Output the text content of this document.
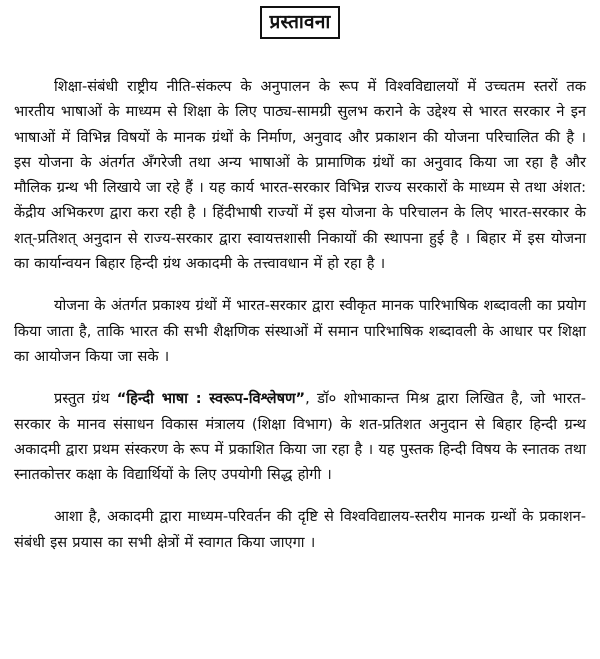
प्रस्तावना

शिक्षा-संबंधी राष्ट्रीय नीति-संकल्प के अनुपालन के रूप में विश्वविद्यालयों में उच्चतम स्तरों तक भारतीय भाषाओं के माध्यम से शिक्षा के लिए पाठ्य-सामग्री सुलभ कराने के उद्देश्य से भारत सरकार ने इन भाषाओं में विभिन्न विषयों के मानक ग्रंथों के निर्माण, अनुवाद और प्रकाशन की योजना परिचालित की है । इस योजना के अंतर्गत अँगरेजी तथा अन्य भाषाओं के प्रामाणिक ग्रंथों का अनुवाद किया जा रहा है और मौलिक ग्रन्थ भी लिखाये जा रहे हैं । यह कार्य भारत-सरकार विभिन्न राज्य सरकारों के माध्यम से तथा अंशत: केंद्रीय अभिकरण द्वारा करा रही है । हिंदीभाषी राज्यों में इस योजना के परिचालन के लिए भारत-सरकार के शत्-प्रतिशत् अनुदान से राज्य-सरकार द्वारा स्वायत्तशासी निकायों की स्थापना हुई है । बिहार में इस योजना का कार्यान्वयन बिहार हिन्दी ग्रंथ अकादमी के तत्त्वावधान में हो रहा है ।

योजना के अंतर्गत प्रकाश्य ग्रंथों में भारत-सरकार द्वारा स्वीकृत मानक पारिभाषिक शब्दावली का प्रयोग किया जाता है, ताकि भारत की सभी शैक्षणिक संस्थाओं में समान पारिभाषिक शब्दावली के आधार पर शिक्षा का आयोजन किया जा सके ।

प्रस्तुत ग्रंथ “हिन्दी भाषा : स्वरूप-विश्लेषण”, डॉ० शोभाकान्त मिश्र द्वारा लिखित है, जो भारत-सरकार के मानव संसाधन विकास मंत्रालय (शिक्षा विभाग) के शत-प्रतिशत अनुदान से बिहार हिन्दी ग्रन्थ अकादमी द्वारा प्रथम संस्करण के रूप में प्रकाशित किया जा रहा है । यह पुस्तक हिन्दी विषय के स्नातक तथा स्नातकोत्तर कक्षा के विद्यार्थियों के लिए उपयोगी सिद्ध होगी ।

आशा है, अकादमी द्वारा माध्यम-परिवर्तन की दृष्टि से विश्वविद्यालय-स्तरीय मानक ग्रन्थों के प्रकाशन-संबंधी इस प्रयास का सभी क्षेत्रों में स्वागत किया जाएगा ।
